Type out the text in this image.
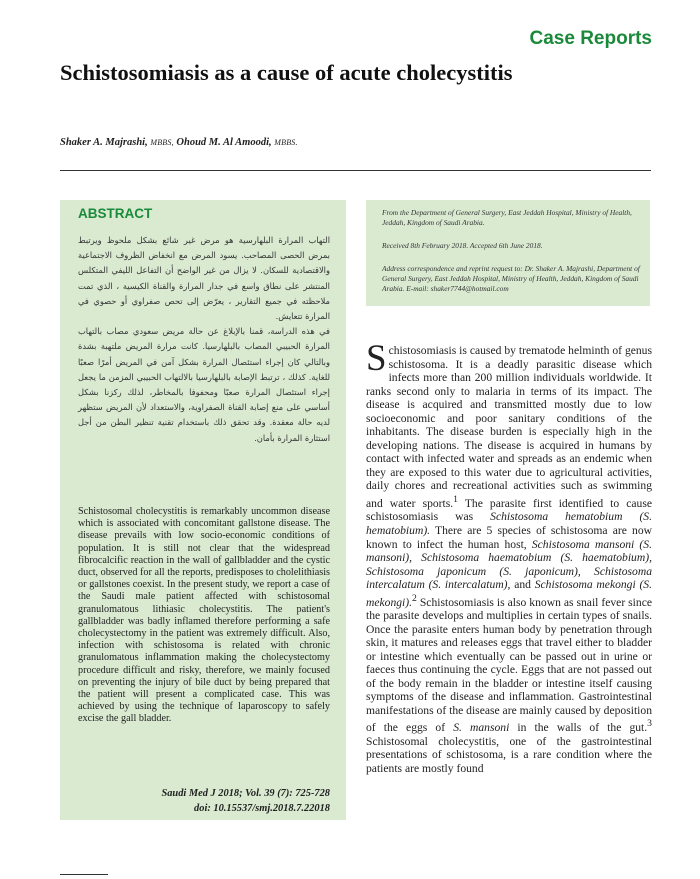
Case Reports
Schistosomiasis as a cause of acute cholecystitis
Shaker A. Majrashi, MBBS, Ohoud M. Al Amoodi, MBBS.
ABSTRACT

التهاب المرارة البلهارسية هو مرض غير شائع بشكل ملحوظ ويرتبط بمرض الحصى المصاحب. يسود المرض مع انخفاض الظروف الاجتماعية والاقتصادية للسكان. لا يزال من غير الواضح أن التفاعل الليفي المتكلس المنتشر على نطاق واسع في جدار المرارة والقناة الكيسية ، الذي تمت ملاحظته في جميع التقارير ، يعرّض إلى تحص صفراوي أو حصوي في المرارة تتعايش.

في هذه الدراسة، قمنا بالإبلاغ عن حالة مريض سعودي مصاب بالتهاب المرارة الحبيبي المصاب بالبلهارسيا. كانت مرارة المريض ملتهبة بشدة وبالتالي كان إجراء استئصال المرارة بشكل آمن في المريض أمرًا صعبًا للغاية. كذلك ، ترتبط الإصابة بالبلهارسيا بالالتهاب الحبيبي المزمن ما يجعل إجراء استئصال المرارة صعبًا ومحفوفا بالمخاطر، لذلك ركزنا بشكل أساسي على منع إصابة القناة الصفراوية، والاستعداد لأن المريض ستظهر لديه حالة معقدة. وقد تحقق ذلك باستخدام تقنية تنظير البطن من أجل استثارة المرارة بأمان.

Schistosomal cholecystitis is remarkably uncommon disease which is associated with concomitant gallstone disease. The disease prevails with low socio-economic conditions of population. It is still not clear that the widespread fibrocalcific reaction in the wall of gallbladder and the cystic duct, observed for all the reports, predisposes to cholelithiasis or gallstones coexist. In the present study, we report a case of the Saudi male patient affected with schistosomal granulomatous lithiasic cholecystitis. The patient's gallbladder was badly inflamed therefore performing a safe cholecystectomy in the patient was extremely difficult. Also, infection with schistosoma is related with chronic granulomatous inflammation making the cholecystectomy procedure difficult and risky, therefore, we mainly focused on preventing the injury of bile duct by being prepared that the patient will present a complicated case. This was achieved by using the technique of laparoscopy to safely excise the gall bladder.

Saudi Med J 2018; Vol. 39 (7): 725-728
doi: 10.15537/smj.2018.7.22018

From the Department of General Surgery, East Jeddah Hospital, Ministry of Health, Jeddah, Kingdom of Saudi Arabia.

Received 8th February 2018. Accepted 6th June 2018.

Address correspondence and reprint request to: Dr. Shaker A. Majrashi, Department of General Surgery, East Jeddah Hospital, Ministry of Health, Jeddah, Kingdom of Saudi Arabia. E-mail: shaker7744@hotmail.com

Schistosomiasis is caused by trematode helminth of genus schistosoma. It is a deadly parasitic disease which infects more than 200 million individuals worldwide. It ranks second only to malaria in terms of its impact. The disease is acquired and transmitted mostly due to low socioeconomic and poor sanitary conditions of the inhabitants. The disease burden is especially high in the developing nations. The disease is acquired in humans by contact with infected water and spreads as an endemic when they are exposed to this water due to agricultural activities, daily chores and recreational activities such as swimming and water sports.$^1$ The parasite first identified to cause schistosomiasis was Schistosoma hematobium (S. hematobium). There are 5 species of schistosoma are now known to infect the human host, Schistosoma mansoni (S. mansoni), Schistosoma haematobium (S. haematobium), Schistosoma japonicum (S. japonicum), Schistosoma intercalatum (S. intercalatum), and Schistosoma mekongi (S. mekongi).$^2$ Schistosomiasis is also known as snail fever since the parasite develops and multiplies in certain types of snails. Once the parasite enters human body by penetration through skin, it matures and releases eggs that travel either to bladder or intestine which eventually can be passed out in urine or faeces thus continuing the cycle. Eggs that are not passed out of the body remain in the bladder or intestine itself causing symptoms of the disease and inflammation. Gastrointestinal manifestations of the disease are mainly caused by deposition of the eggs of S. mansoni in the walls of the gut.$^3$ Schistosomal cholecystitis, one of the gastrointestinal presentations of schistosoma, is a rare condition where the patients are mostly found
